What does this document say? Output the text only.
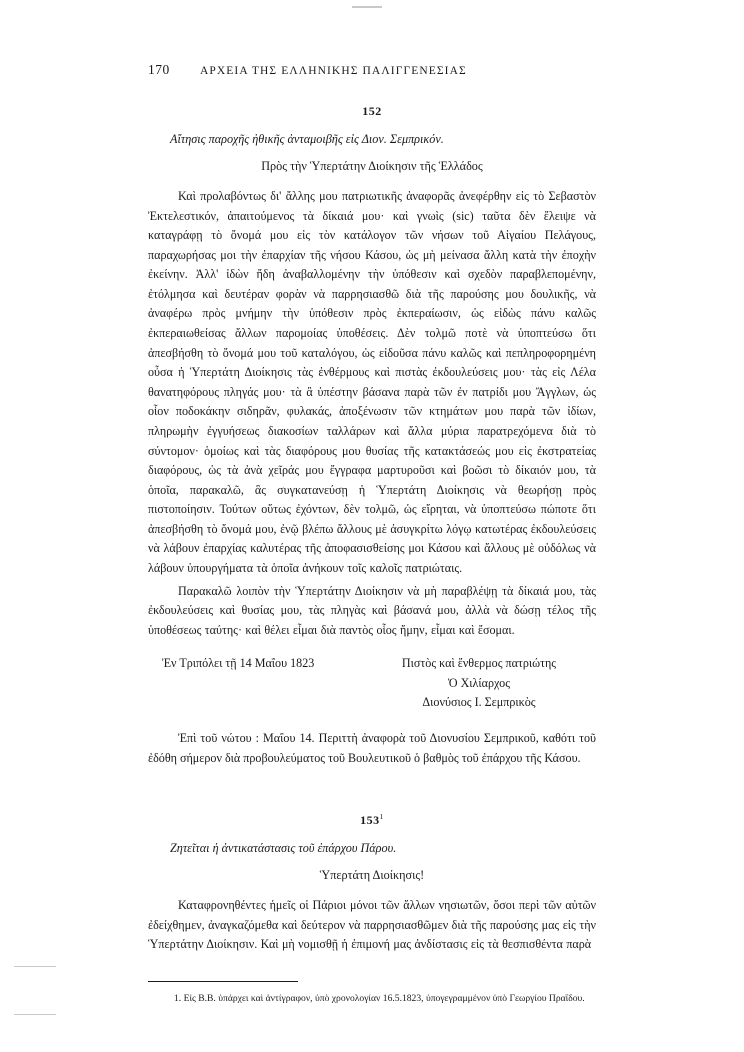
170	ΑΡΧΕΙΑ ΤΗΣ ΕΛΛΗΝΙΚΗΣ ΠΑΛΙΓΓΕΝΕΣΙΑΣ
152
Αἴτησις παροχῆς ἠθικῆς ἀνταμοιβῆς εἰς Διον. Σεμπρικόν.
Πρὸς τὴν Ὑπερτάτην Διοίκησιν τῆς Ἑλλάδος

Καὶ προλαβόντως δι' ἄλλης μου πατριωτικῆς ἀναφορᾶς ἀνεφέρθην εἰς τὸ Σεβαστὸν Ἐκτελεστικόν, ἀπαιτούμενος τὰ δίκαιά μου· καὶ γνωὶς (sic) ταῦτα δὲν ἔλειψε νὰ καταγράφῃ τὸ ὄνομά μου εἰς τὸν κατάλογον τῶν νήσων τοῦ Αἰγαίου Πελάγους, παραχωρήσας μοι τὴν ἐπαρχίαν τῆς νήσου Κάσου, ὡς μὴ μείνασα ἄλλη κατὰ τὴν ἐποχὴν ἐκείνην. Ἀλλ' ἰδὼν ἤδη ἀναβαλλομένην τὴν ὑπόθεσιν καὶ σχεδὸν παραβλεπομένην, ἐτόλμησα καὶ δευτέραν φορὰν νὰ παρρησιασθῶ διὰ τῆς παρούσης μου δουλικῆς, νὰ ἀναφέρω πρὸς μνήμην τὴν ὑπόθεσιν πρὸς ἐκπεραίωσιν, ὡς εἰδὼς πάνυ καλῶς ἐκπεραιωθείσας ἄλλων παρομοίας ὑποθέσεις. Δὲν τολμῶ ποτὲ νὰ ὑποπτεύσω ὅτι ἀπεσβήσθη τὸ ὄνομά μου τοῦ καταλόγου, ὡς εἰδοῦσα πάνυ καλῶς καὶ πεπληροφορημένη οὖσα ἡ Ὑπερτάτη Διοίκησις τὰς ἐνθέρμους καὶ πιστὰς ἐκδουλεύσεις μου· τὰς εἰς Λέλα θανατηφόρους πληγάς μου· τὰ ἃ ὑπέστην βάσανα παρὰ τῶν ἐν πατρίδι μου Ἄγγλων, ὡς οἷον ποδοκάκην σιδηρᾶν, φυλακάς, ἀποξένωσιν τῶν κτημάτων μου παρὰ τῶν ἰδίων, πληρωμὴν ἐγγυήσεως διακοσίων ταλλάρων καὶ ἄλλα μύρια παρατρεχόμενα διὰ τὸ σύντομον· ὁμοίως καὶ τὰς διαφόρους μου θυσίας τῆς κατακτάσεώς μου εἰς ἐκστρατείας διαφόρους, ὡς τὰ ἀνὰ χεῖράς μου ἔγγραφα μαρτυροῦσι καὶ βοῶσι τὸ δίκαιόν μου, τὰ ὁποῖα, παρακαλῶ, ἃς συγκατανεύσῃ ἡ Ὑπερτάτη Διοίκησις νὰ θεωρήσῃ πρὸς πιστοποίησιν. Τούτων οὕτως ἐχόντων, δὲν τολμῶ, ὡς εἴρηται, νὰ ὑποπτεύσω πώποτε ὅτι ἀπεσβήσθη τὸ ὄνομά μου, ἐνῷ βλέπω ἄλλους μὲ ἀσυγκρίτω λόγῳ κατωτέρας ἐκδουλεύσεις νὰ λάβουν ἐπαρχίας καλυτέρας τῆς ἀποφασισθείσης μοι Κάσου καὶ ἄλλους μὲ οὐδόλως νὰ λάβουν ὑπουργήματα τὰ ὁποῖα ἀνήκουν τοῖς καλοῖς πατριώταις.

Παρακαλῶ λοιπὸν τὴν Ὑπερτάτην Διοίκησιν νὰ μὴ παραβλέψῃ τὰ δίκαιά μου, τὰς ἐκδουλεύσεις καὶ θυσίας μου, τὰς πληγὰς καὶ βάσανά μου, ἀλλὰ νὰ δώσῃ τέλος τῆς ὑποθέσεως ταύτης· καὶ θέλει εἶμαι διὰ παντὸς οἷος ἤμην, εἶμαι καὶ ἔσομαι.

Ἐν Τριπόλει τῇ 14 Μαΐου 1823	Πιστὸς καὶ ἔνθερμος πατριώτης
Ὁ Χιλίαρχος
Διονύσιος Ι. Σεμπρικὸς
Ἐπὶ τοῦ νώτου : Μαΐου 14. Περιττὴ ἀναφορὰ τοῦ Διονυσίου Σεμπρικοῦ, καθότι τοῦ ἐδόθη σήμερον διὰ προβουλεύματος τοῦ Βουλευτικοῦ ὁ βαθμὸς τοῦ ἐπάρχου τῆς Κάσου.
$153^1$
Ζητεῖται ἡ ἀντικατάστασις τοῦ ἐπάρχου Πάρου.
Ὑπερτάτη Διοίκησις!

Καταφρονηθέντες ἡμεῖς οἱ Πάριοι μόνοι τῶν ἄλλων νησιωτῶν, ὅσοι περὶ τῶν αὐτῶν ἐδείχθημεν, ἀναγκαζόμεθα καὶ δεύτερον νὰ παρρησιασθῶμεν διὰ τῆς παρούσης μας εἰς τὴν Ὑπερτάτην Διοίκησιν. Καὶ μὴ νομισθῇ ἡ ἐπιμονή μας ἀνδίστασις εἰς τὰ θεσπισθέντα παρὰ

1. Εἰς Β.Β. ὑπάρχει καὶ ἀντίγραφον, ὑπὸ χρονολογίαν 16.5.1823, ὑπογεγραμμένον ὑπὸ Γεωργίου Πραΐδου.
